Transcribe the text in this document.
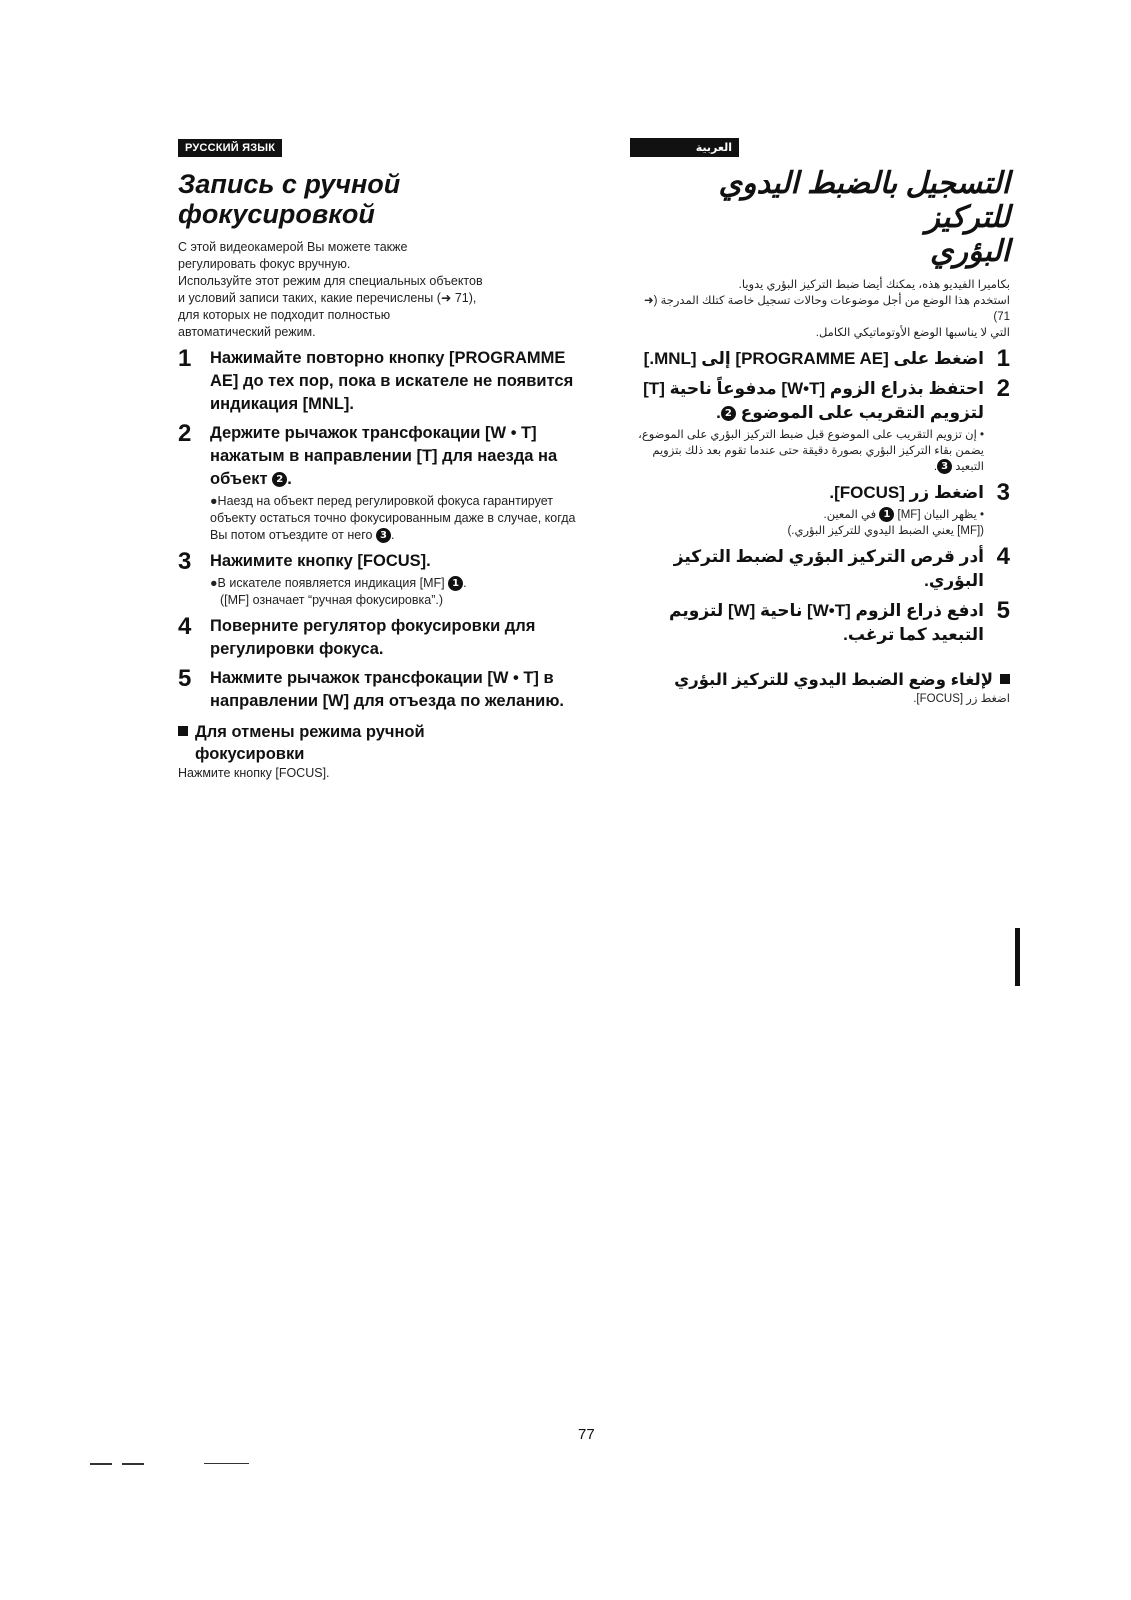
РУССКИЙ ЯЗЫК
Запись с ручной
фокусировкой

С этой видеокамерой Вы можете также

регулировать фокус вручную.

Используйте этот режим для специальных объектов

и условий записи таких, какие перечислены (➜ 71),

для которых не подходит полностью

автоматический режим.

1 Нажимайте повторно кнопку [PROGRAMME AE] до тех пор, пока в искателе не появится индикация [MNL].
2 Держите рычажок трансфокации [W • T] нажатым в направлении [T] для наезда на объект 2 .
●Наезд на объект перед регулировкой фокуса гарантирует объекту остаться точно фокусированным даже в случае, когда Вы потом отъездите от него 3 .
3 Нажимите кнопку [FOCUS].
●В искателе появляется индикация [MF] 1 .
([MF] означает “ручная фокусировка”.)
4 Поверните регулятор фокусировки для регулировки фокуса.
5 Нажмите рычажок трансфокации [W • T] в направлении [W] для отъезда по желанию.
Для отмены режима ручной
фокусировки
Нажмите кнопку [FOCUS].
العربية
التسجيل بالضبط اليدوي للتركيز
البؤري

بكاميرا الفيديو هذه، يمكنك أيضا ضبط التركيز البؤري يدويا.

استخدم هذا الوضع من أجل موضوعات وحالات تسجيل خاصة كتلك المدرجة (➜ 71)

التي لا يناسبها الوضع الأوتوماتيكي الكامل.

1
اضغط على [PROGRAMME AE] إلى [MNL.]
2
احتفظ بذراع الزوم [W•T] مدفوعاً ناحية [T] لتزويم التقريب على الموضوع 2.
• إن تزويم التقريب على الموضوع قبل ضبط التركيز البؤري على الموضوع، يضمن بقاء التركيز البؤري بصورة دقيقة حتى عندما تقوم بعد ذلك بتزويم التبعيد 3.
3
اضغط زر [FOCUS].
• يظهر البيان [MF] 1 في المعين.
([MF] يعني الضبط اليدوي للتركيز البؤري.)
4
أدر قرص التركيز البؤري لضبط التركيز البؤري.
5
ادفع ذراع الزوم [W•T] ناحية [W] لتزويم التبعيد كما ترغب.
لإلغاء وضع الضبط اليدوي للتركيز البؤري
اضغط زر [FOCUS].
77
